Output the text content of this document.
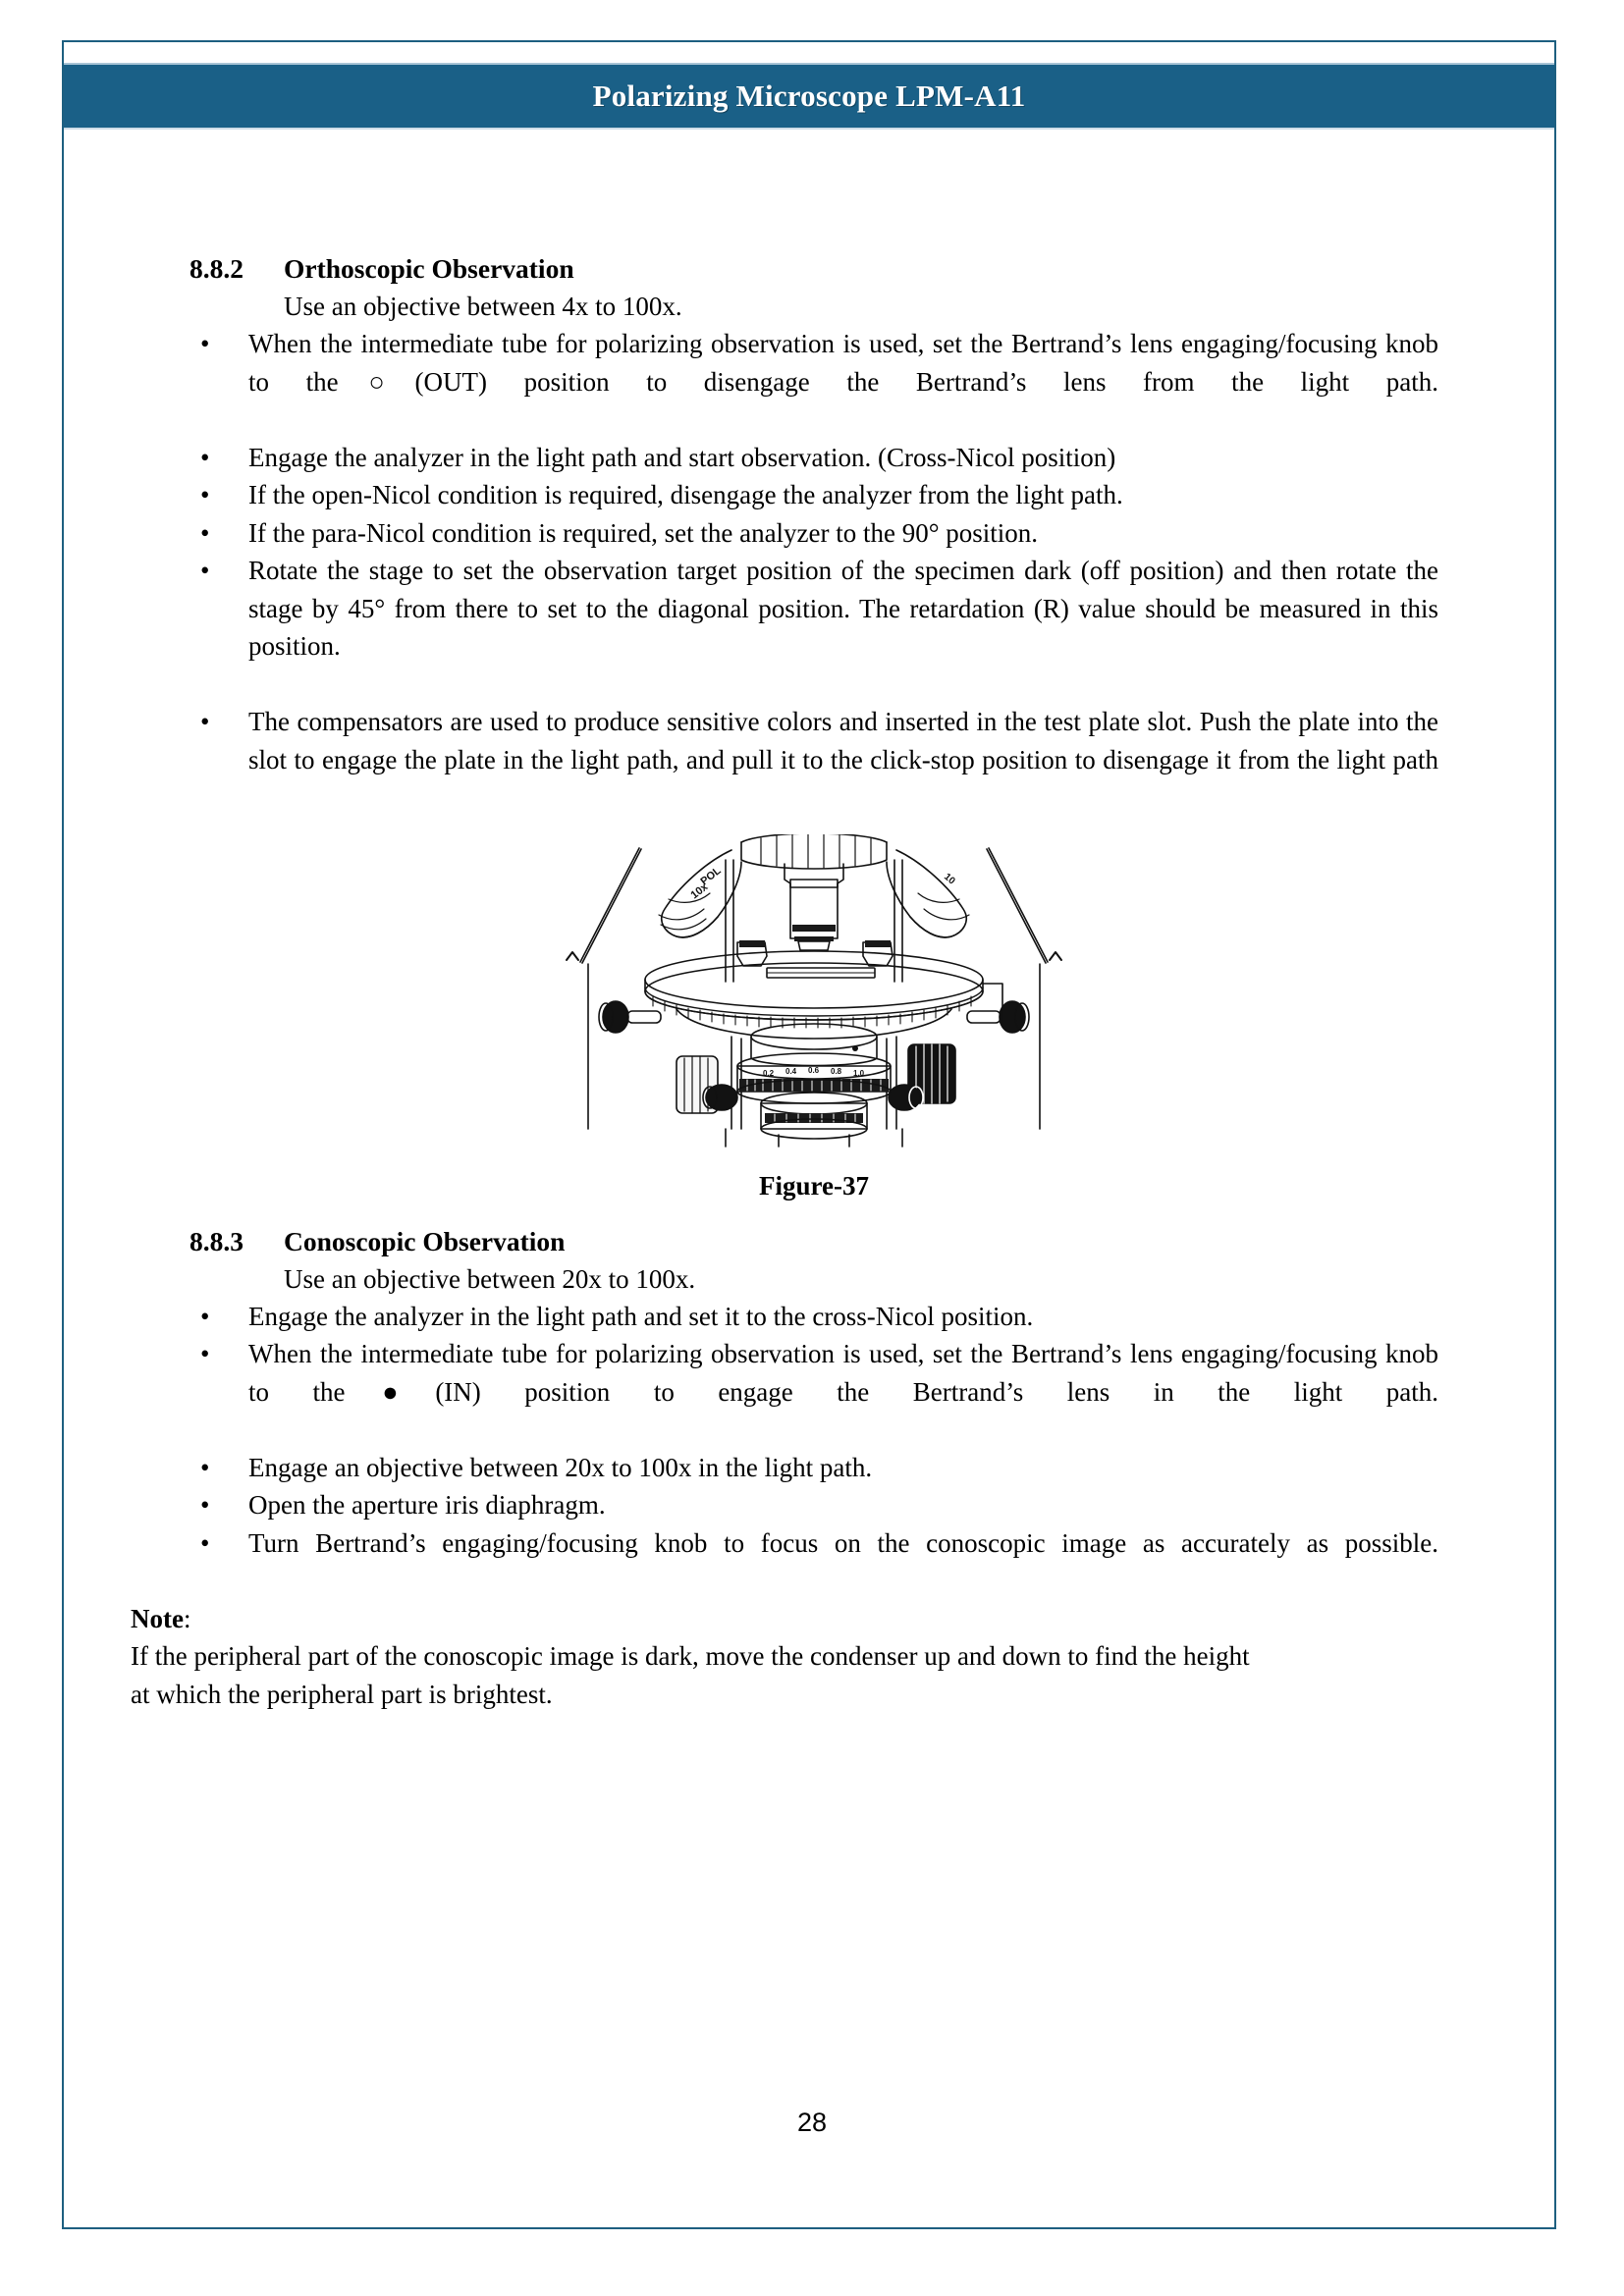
Polarizing Microscope LPM-A11
8.8.2	Orthoscopic Observation
Use an objective between 4x to 100x.
• When the intermediate tube for polarizing observation is used, set the Bertrand’s lens engaging/focusing knob to the○(OUT) position to disengage the Bertrand’s lens from the light path.
• Engage the analyzer in the light path and start observation. (Cross-Nicol position)
• If the open-Nicol condition is required, disengage the analyzer from the light path.
• If the para-Nicol condition is required, set the analyzer to the 90° position.
• Rotate the stage to set the observation target position of the specimen dark (off position) and then rotate the stage by 45° from there to set to the diagonal position. The retardation (R) value should be measured in this position.
• The compensators are used to produce sensitive colors and inserted in the test plate slot. Push the plate into the slot to engage the plate in the light path, and pull it to the click-stop position to disengage it from the light path
POL
10x
10
0.2 0.4 0.6 0.8 1.0
Figure-37
8.8.3	Conoscopic Observation
Use an objective between 20x to 100x.
• Engage the analyzer in the light path and set it to the cross-Nicol position.
• When the intermediate tube for polarizing observation is used, set the Bertrand’s lens engaging/focusing knob to the●(IN) position to engage the Bertrand’s lens in the light path.
• Engage an objective between 20x to 100x in the light path.
• Open the aperture iris diaphragm.
• Turn Bertrand’s engaging/focusing knob to focus on the conoscopic image as accurately as possible.

Note:

If the peripheral part of the conoscopic image is dark, move the condenser up and down to find the height at which the peripheral part is brightest.

28
